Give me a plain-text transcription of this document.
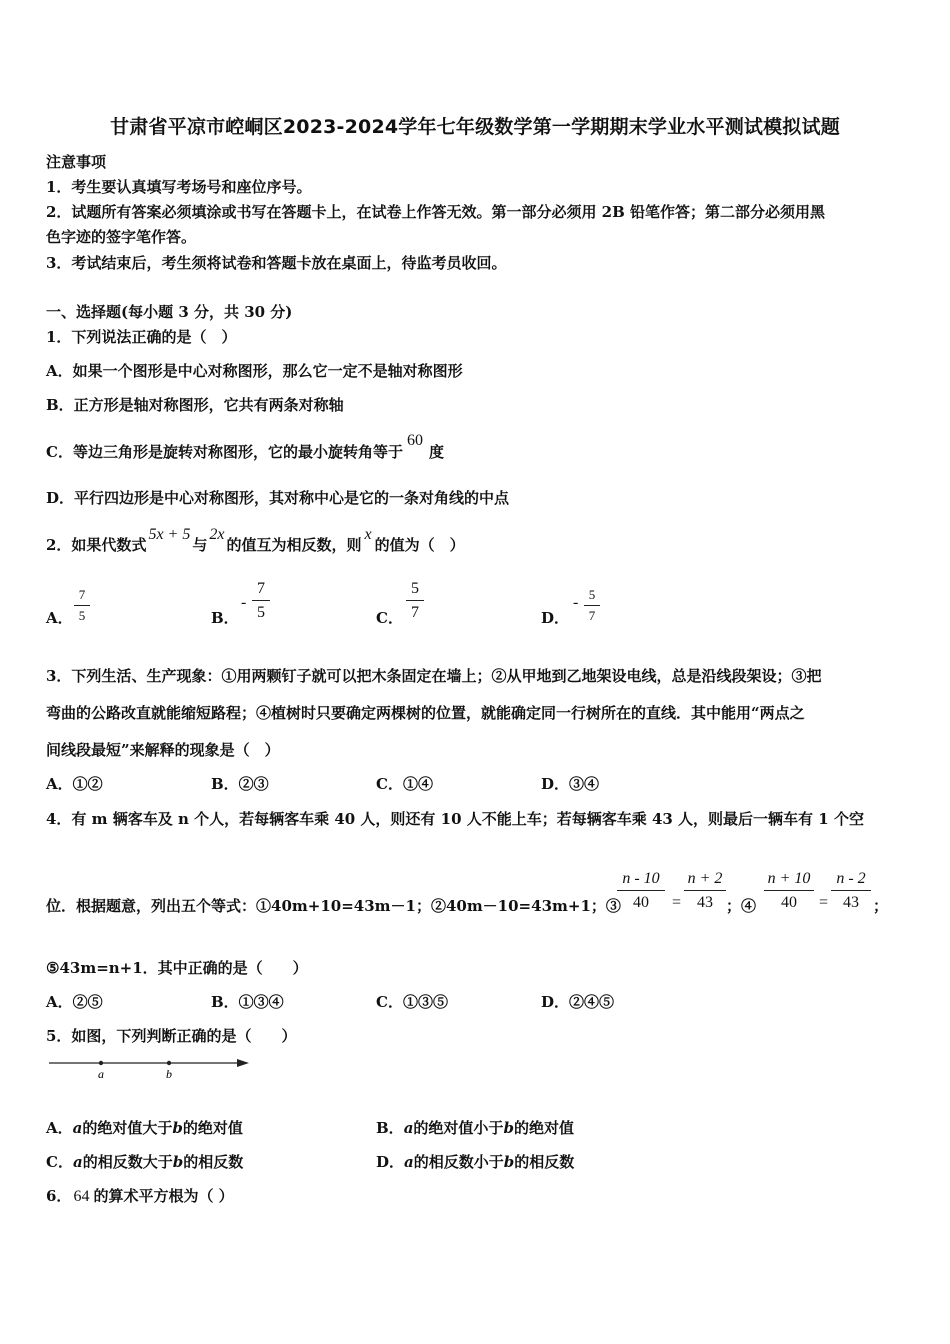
甘肃省平凉市崆峒区2023-2024学年七年级数学第一学期期末学业水平测试模拟试题
注意事项
1．考生要认真填写考场号和座位序号。
2．试题所有答案必须填涂或书写在答题卡上，在试卷上作答无效。第一部分必须用 2B 铅笔作答；第二部分必须用黑
色字迹的签字笔作答。
3．考试结束后，考生须将试卷和答题卡放在桌面上，待监考员收回。
一、选择题(每小题 3 分，共 30 分)
1．下列说法正确的是（　）
A．如果一个图形是中心对称图形，那么它一定不是轴对称图形
B．正方形是轴对称图形，它共有两条对称轴
C．等边三角形是旋转对称图形，它的最小旋转角等于60度
D．平行四边形是中心对称图形，其对称中心是它的一条对角线的中点
2．如果代数式5x + 5与2x的值互为相反数，则x的值为（　）
A． $\frac{7}{5}$	B．
- $\frac{7}{5}$	C． $\frac{5}{7}$	D．
- $\frac{5}{7}$
3．下列生活、生产现象：①用两颗钉子就可以把木条固定在墙上；②从甲地到乙地架设电线，总是沿线段架设；③把
弯曲的公路改直就能缩短路程；④植树时只要确定两棵树的位置，就能确定同一行树所在的直线．其中能用“两点之
间线段最短”来解释的现象是（　）
A．①②	B．②③	C．①④	D．③④
4．有 m 辆客车及 n 个人，若每辆客车乘 40 人，则还有 10 人不能上车；若每辆客车乘 43 人，则最后一辆车有 1 个空
位．根据题意，列出五个等式：①40m+10=43m－1；②40m－10=43m+1；③
$\frac{n - 10}{40} = \frac{n + 2}{43}$ ；④ $\frac{n + 10}{40} = \frac{n - 2}{43}$ ；
⑤43m=n+1．其中正确的是（　　）
A．②⑤	B．①③④	C．①③⑤	D．②④⑤
5．如图，下列判断正确的是（　　）
a	b
A．a的绝对值大于b的绝对值	B．a的绝对值小于b的绝对值
C．a的相反数大于b的相反数	D．a的相反数小于b的相反数
6． 64 的算术平方根为（ ）
